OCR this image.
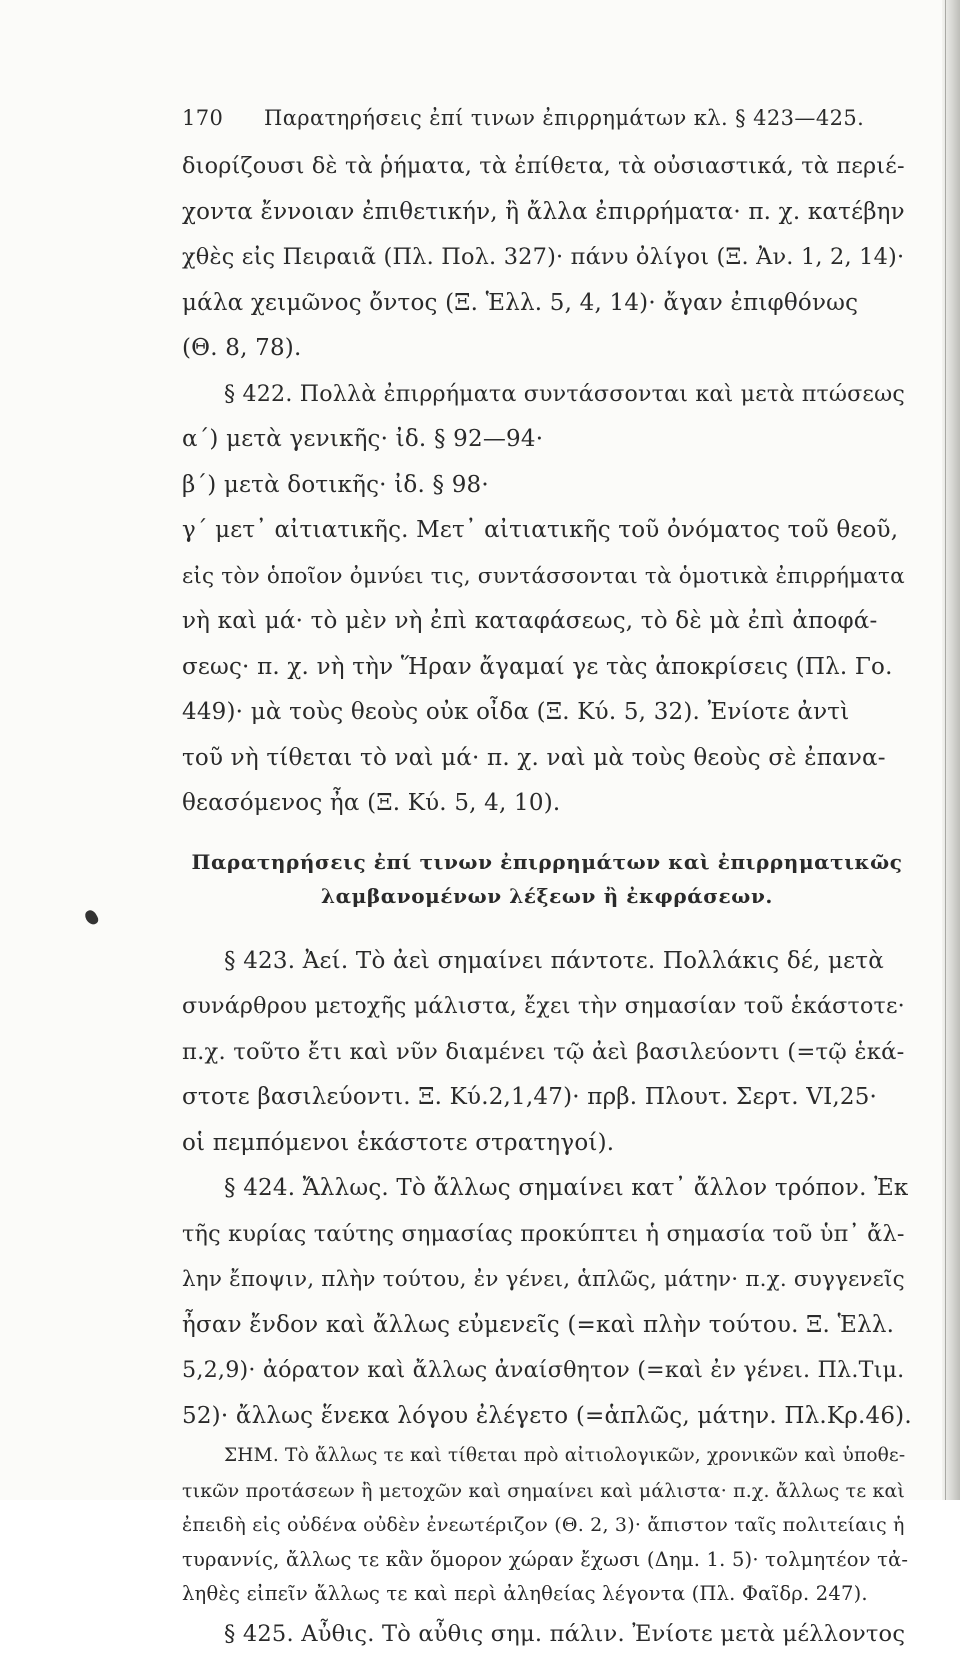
170 Παρατηρήσεις ἐπί τινων ἐπιρρημάτων κλ. § 423—425.
διορίζουσι δὲ τὰ ῥήματα, τὰ ἐπίθετα, τὰ οὐσιαστικά, τὰ περιέ-
χοντα ἔννοιαν ἐπιθετικήν, ἢ ἄλλα ἐπιρρήματα· π. χ. κατέβην
χθὲς εἰς Πειραιᾶ (Πλ. Πολ. 327)· πάνυ ὀλίγοι (Ξ. Ἀν. 1, 2, 14)·
μάλα χειμῶνος ὄντος (Ξ. Ἑλλ. 5, 4, 14)· ἄγαν ἐπιφθόνως
(Θ. 8, 78).
§ 422. Πολλὰ ἐπιρρήματα συντάσσονται καὶ μετὰ πτώσεως
α´) μετὰ γενικῆς· ἰδ. § 92—94·
β´) μετὰ δοτικῆς· ἰδ. § 98·
γ´ μετ᾽ αἰτιατικῆς. Μετ᾽ αἰτιατικῆς τοῦ ὀνόματος τοῦ θεοῦ,
εἰς τὸν ὁποῖον ὀμνύει τις, συντάσσονται τὰ ὁμοτικὰ ἐπιρρήματα
νὴ καὶ μά· τὸ μὲν νὴ ἐπὶ καταφάσεως, τὸ δὲ μὰ ἐπὶ ἀποφά-
σεως· π. χ. νὴ τὴν Ἥραν ἄγαμαί γε τὰς ἀποκρίσεις (Πλ. Γο.
449)· μὰ τοὺς θεοὺς οὐκ οἶδα (Ξ. Κύ. 5, 32). Ἐνίοτε ἀντὶ
τοῦ νὴ τίθεται τὸ ναὶ μά· π. χ. ναὶ μὰ τοὺς θεοὺς σὲ ἐπανα-
θεασόμενος ἦα (Ξ. Κύ. 5, 4, 10).
Παρατηρήσεις ἐπί τινων ἐπιρρημάτων καὶ ἐπιρρηματικῶς
λαμβανομένων λέξεων ἢ ἐκφράσεων.
§ 423. Ἀεί. Τὸ ἀεὶ σημαίνει πάντοτε. Πολλάκις δέ, μετὰ
συνάρθρου μετοχῆς μάλιστα, ἔχει τὴν σημασίαν τοῦ ἑκάστοτε·
π.χ. τοῦτο ἔτι καὶ νῦν διαμένει τῷ ἀεὶ βασιλεύοντι (=τῷ ἑκά-
στοτε βασιλεύοντι. Ξ. Κύ.2,1,47)· πρβ. Πλουτ. Σερτ. VI,25·
οἱ πεμπόμενοι ἑκάστοτε στρατηγοί).
§ 424. Ἄλλως. Τὸ ἄλλως σημαίνει κατ᾽ ἄλλον τρόπον. Ἐκ
τῆς κυρίας ταύτης σημασίας προκύπτει ἡ σημασία τοῦ ὑπ᾽ ἄλ-
λην ἔποψιν, πλὴν τούτου, ἐν γένει, ἁπλῶς, μάτην· π.χ. συγγενεῖς
ἦσαν ἔνδον καὶ ἄλλως εὐμενεῖς (=καὶ πλὴν τούτου. Ξ. Ἑλλ.
5,2,9)· ἀόρατον καὶ ἄλλως ἀναίσθητον (=καὶ ἐν γένει. Πλ.Τιμ.
52)· ἄλλως ἕνεκα λόγου ἐλέγετο (=ἁπλῶς, μάτην. Πλ.Κρ.46).
ΣΗΜ. Τὸ ἄλλως τε καὶ τίθεται πρὸ αἰτιολογικῶν, χρονικῶν καὶ ὑποθε-
τικῶν προτάσεων ἢ μετοχῶν καὶ σημαίνει καὶ μάλιστα· π.χ. ἄλλως τε καὶ
ἐπειδὴ εἰς οὐδένα οὐδὲν ἐνεωτέριζον (Θ. 2, 3)· ἄπιστον ταῖς πολιτείαις ἡ
τυραννίς, ἄλλως τε κἂν ὅμορον χώραν ἔχωσι (Δημ. 1. 5)· τολμητέον τἀ-
ληθὲς εἰπεῖν ἄλλως τε καὶ περὶ ἀληθείας λέγοντα (Πλ. Φαῖδρ. 247).
§ 425. Αὖθις. Τὸ αὖθις σημ. πάλιν. Ἐνίοτε μετὰ μέλλοντος
